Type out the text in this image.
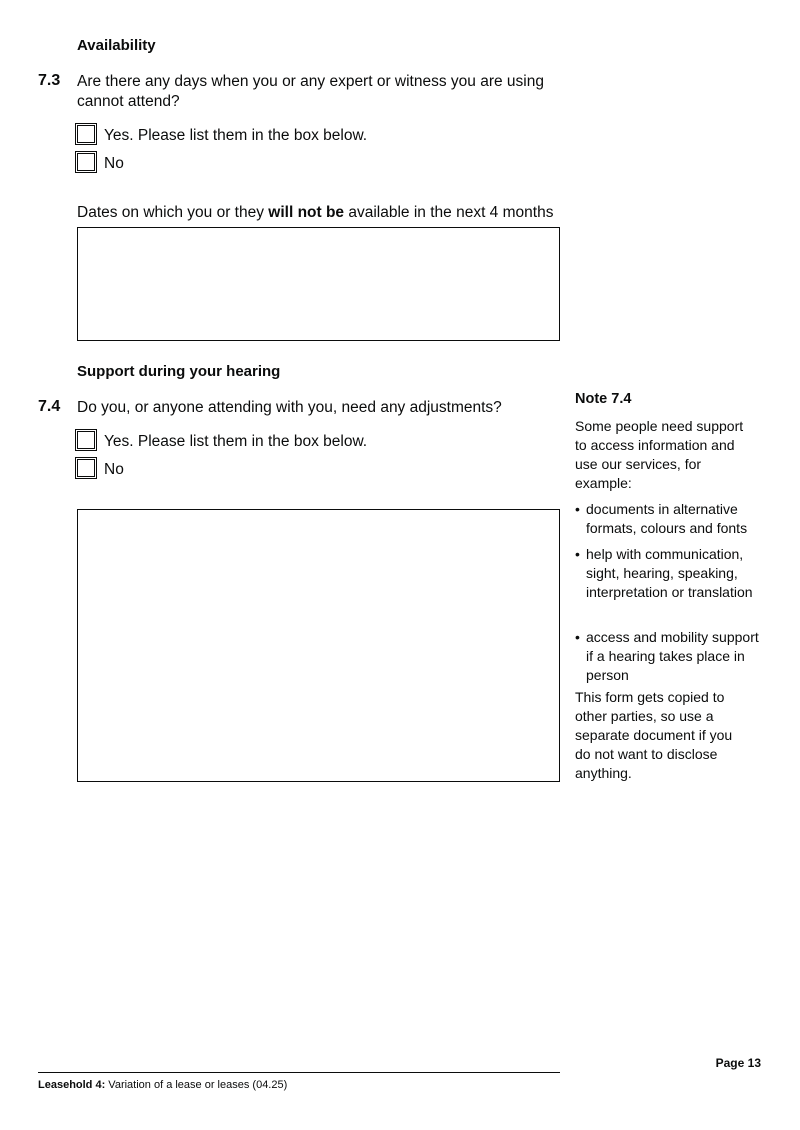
Availability
7.3 Are there any days when you or any expert or witness you are using cannot attend?
Yes. Please list them in the box below.
No
Dates on which you or they will not be available in the next 4 months
Support during your hearing
7.4 Do you, or anyone attending with you, need any adjustments?
Yes. Please list them in the box below.
No
Note 7.4
Some people need support to access information and use our services, for example:
• documents in alternative formats, colours and fonts
• help with communication, sight, hearing, speaking, interpretation or translation
• access and mobility support if a hearing takes place in person
This form gets copied to other parties, so use a separate document if you do not want to disclose anything.
Page 13
Leasehold 4: Variation of a lease or leases (04.25)
